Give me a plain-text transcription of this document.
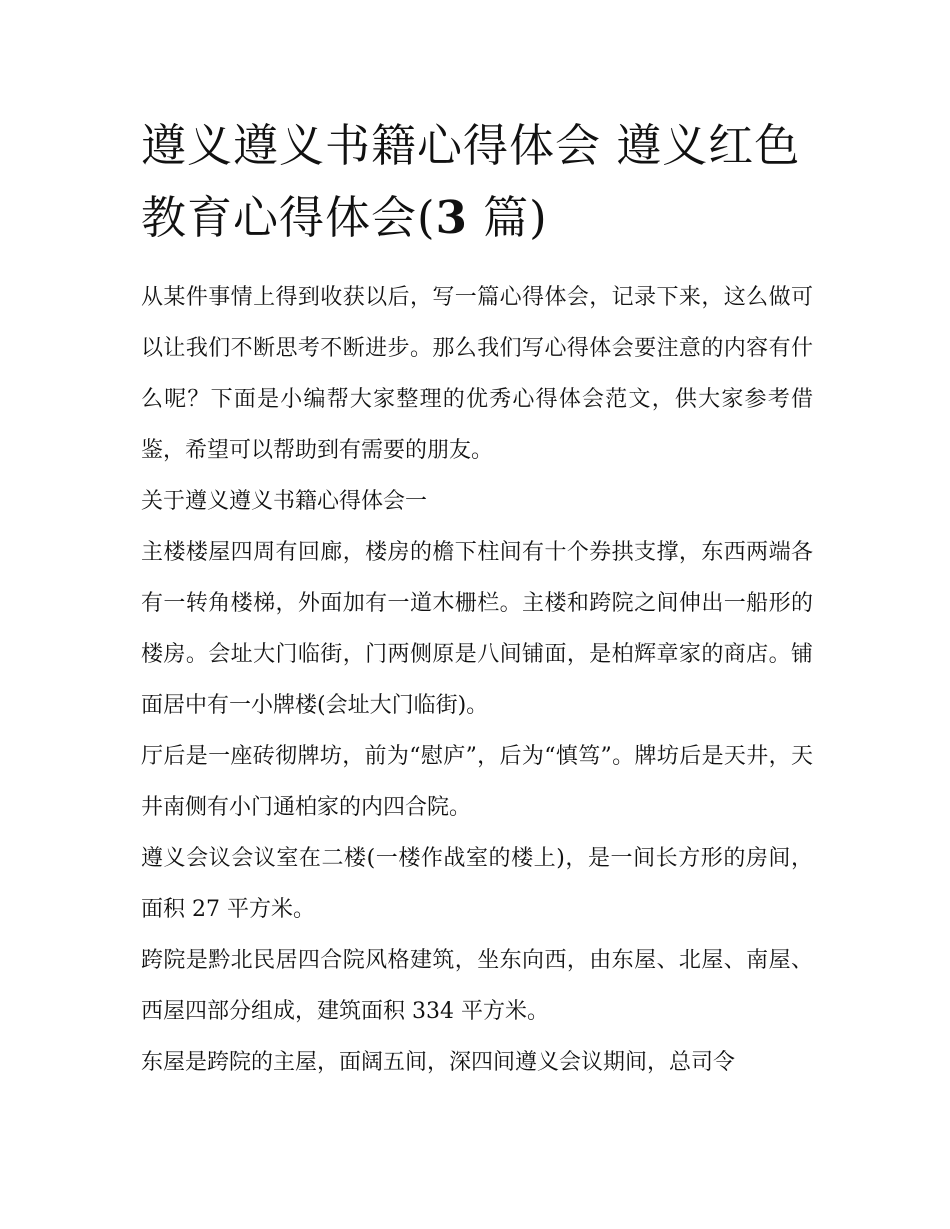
遵义遵义书籍心得体会 遵义红色教育心得体会(3 篇)

从某件事情上得到收获以后，写一篇心得体会，记录下来，这么做可以让我们不断思考不断进步。那么我们写心得体会要注意的内容有什么呢？下面是小编帮大家整理的优秀心得体会范文，供大家参考借鉴，希望可以帮助到有需要的朋友。

关于遵义遵义书籍心得体会一

主楼楼屋四周有回廊，楼房的檐下柱间有十个券拱支撑，东西两端各有一转角楼梯，外面加有一道木栅栏。主楼和跨院之间伸出一船形的楼房。会址大门临街，门两侧原是八间铺面，是柏辉章家的商店。铺面居中有一小牌楼(会址大门临街)。

厅后是一座砖彻牌坊，前为“慰庐”，后为“慎笃”。牌坊后是天井，天井南侧有小门通柏家的内四合院。

遵义会议会议室在二楼(一楼作战室的楼上)，是一间长方形的房间，面积 27 平方米。

跨院是黔北民居四合院风格建筑，坐东向西，由东屋、北屋、南屋、西屋四部分组成，建筑面积 334 平方米。

东屋是跨院的主屋，面阔五间，深四间遵义会议期间，总司令
